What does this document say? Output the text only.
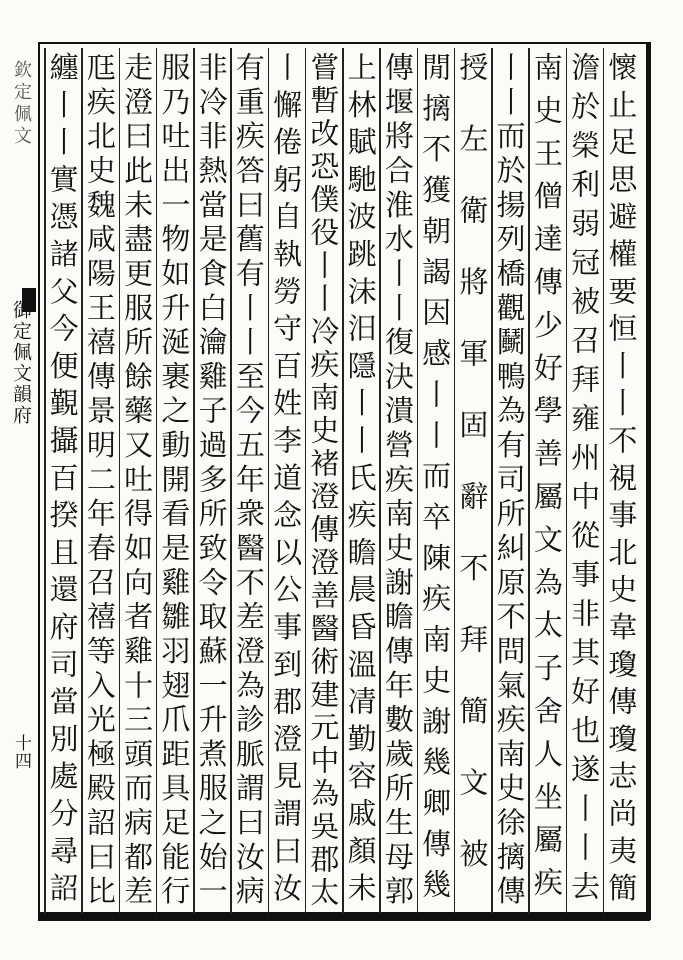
欽定佩文
御定佩文韻府
十四	懷止足思避權要恒丨丨不視事北史韋瓊傳瓊志尚夷簡
澹於榮利弱冠被召拜雍州中從事非其好也遂丨丨去
南史王僧達傳少好學善屬文為太子舍人坐屬疾
丨丨而於揚列橋觀鬭鴨為有司所糾原不問氣疾南史徐摛傳
授左衛將軍固辭不拜簡文被
閒摛不獲朝謁因感丨丨而卒陳疾南史謝幾卿傳幾
傳堰將合淮水丨丨復決潰營疾南史謝瞻傳年數歲所生母郭
上林賦馳波跳沫汨隱丨丨氏疾瞻晨昏溫凊勤容戚顏未
嘗暫改恐僕役丨丨冷疾南史褚澄傳澄善醫術建元中為吳郡太
丨懈倦躬自執勞守百姓李道念以公事到郡澄見謂曰汝
有重疾答曰舊有丨丨至今五年衆醫不差澄為診脈謂曰汝病
非冷非熱當是食白瀹雞子過多所致令取蘇一升煮服之始一
服乃吐出一物如升涎裹之動開看是雞雛羽翅爪距具足能行
走澄曰此未盡更服所餘藥又吐得如向者雞十三頭而病都差
尫疾北史魏咸陽王禧傳景明二年春召禧等入光極殿詔曰比
纏丨丨實憑諸父今便覲攝百揆且還府司當別處分尋詔
